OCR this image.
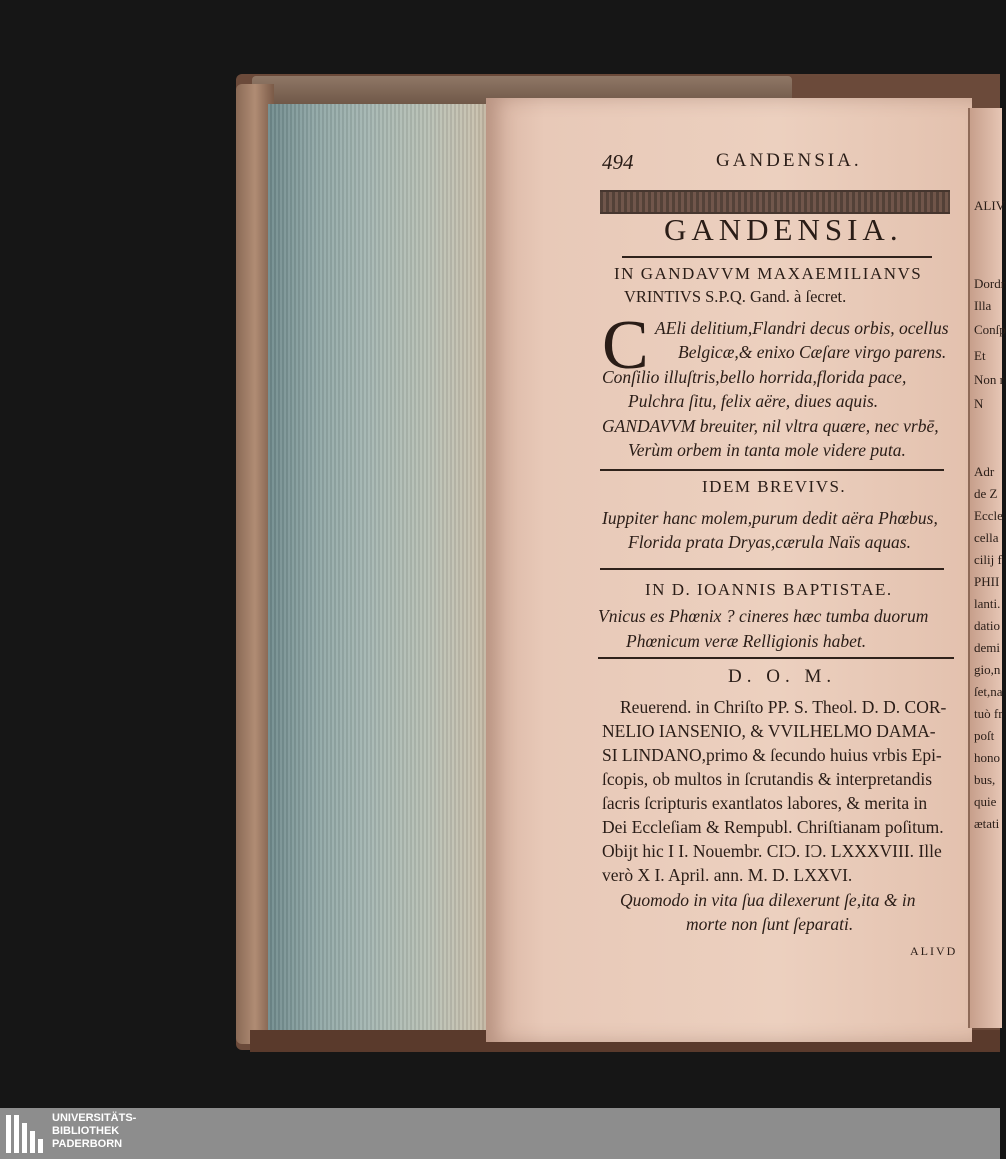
494	GANDENSIA.
GANDENSIA.
IN GANDAVVM MAXAEMILIANVS
VRINTIVS S.P.Q. Gand. à ſecret.
C AEli delitium,Flandri decus orbis, ocellus
Belgicæ,& enixo Cæſare virgo parens.
Conſilio illuſtris,bello horrida,florida pace,
Pulchra ſitu, felix aëre, diues aquis.
GANDAVVM breuiter, nil vltra quære, nec vrbē,
Verùm orbem in tanta mole videre puta.
IDEM BREVIVS.
Iuppiter hanc molem,purum dedit aëra Phœbus,
Florida prata Dryas,cærula Naïs aquas.
IN D. IOANNIS BAPTISTAE.
Vnicus es Phœnix ? cineres hæc tumba duorum
Phœnicum veræ Relligionis habet.
D. O. M.
Reuerend. in Chriſto PP. S. Theol. D. D. COR-
NELIO IANSENIO, & VVILHELMO DAMA-
SI LINDANO,primo & ſecundo huius vrbis Epi-
ſcopis, ob multos in ſcrutandis & interpretandis
ſacris ſcripturis exantlatos labores, & merita in
Dei Eccleſiam & Rempubl. Chriſtianam poſitum.
Obijt hic I I. Nouembr. CIƆ. IƆ. LXXXVIII. Ille
verò X I. April. ann. M. D. LXXVI.
Quomodo in vita ſua dilexerunt ſe,ita & in
morte non ſunt ſeparati.
ALIVD
ALIV
Dordr
Illa
Conſp
Et
Non r
N
Adr
de Z
Eccle
cella
cilij f
PHII
lanti.
datio
demi
gio,n
ſet,na
tuò fr
poſt
hono
bus,
quie
ætati
UNIVERSITÄTS-
BIBLIOTHEK
PADERBORN
